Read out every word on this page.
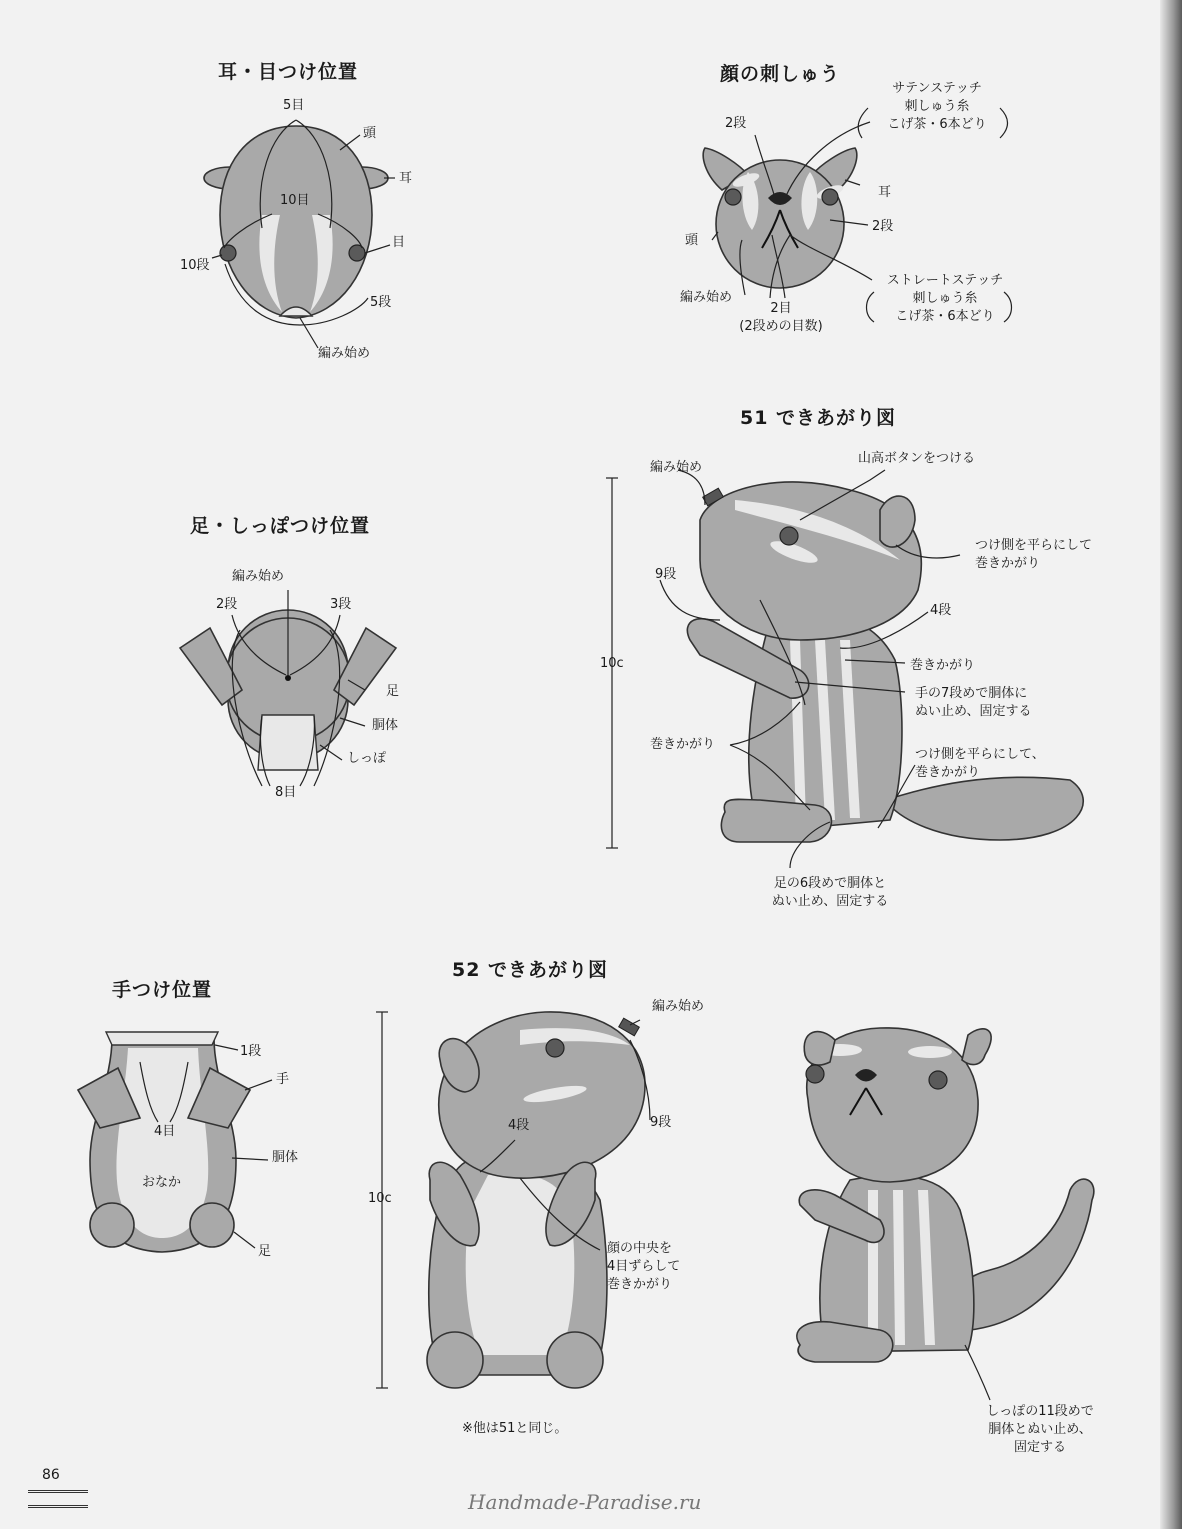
耳・目つけ位置	顔の刺しゅう
足・しっぽつけ位置
手つけ位置
51 できあがり図
52 できあがり図
5目
頭
耳
10目
目
10段
5段
編み始め
サテンステッチ
刺しゅう糸
こげ茶・6本どり
2段
耳
2段
頭
ストレートステッチ
刺しゅう糸
こげ茶・6本どり
編み始め
2目
(2段めの目数)
編み始め
2段	3段
足
胴体
しっぽ
8目
1段
手
4目
胴体
おなか
足
編み始め
山高ボタンをつける
9段
つけ側を平らにして
巻きかがり
4段
10c	巻きかがり
手の7段めで胴体に
ぬい止め、固定する
巻きかがり
つけ側を平らにして、
巻きかがり
足の6段めで胴体と
ぬい止め、固定する
編み始め
4段	9段
10c
顔の中央を
4目ずらして
巻きかがり
※他は51と同じ。
しっぽの11段めで
胴体とぬい止め、
固定する
86
Handmade-Paradise.ru
